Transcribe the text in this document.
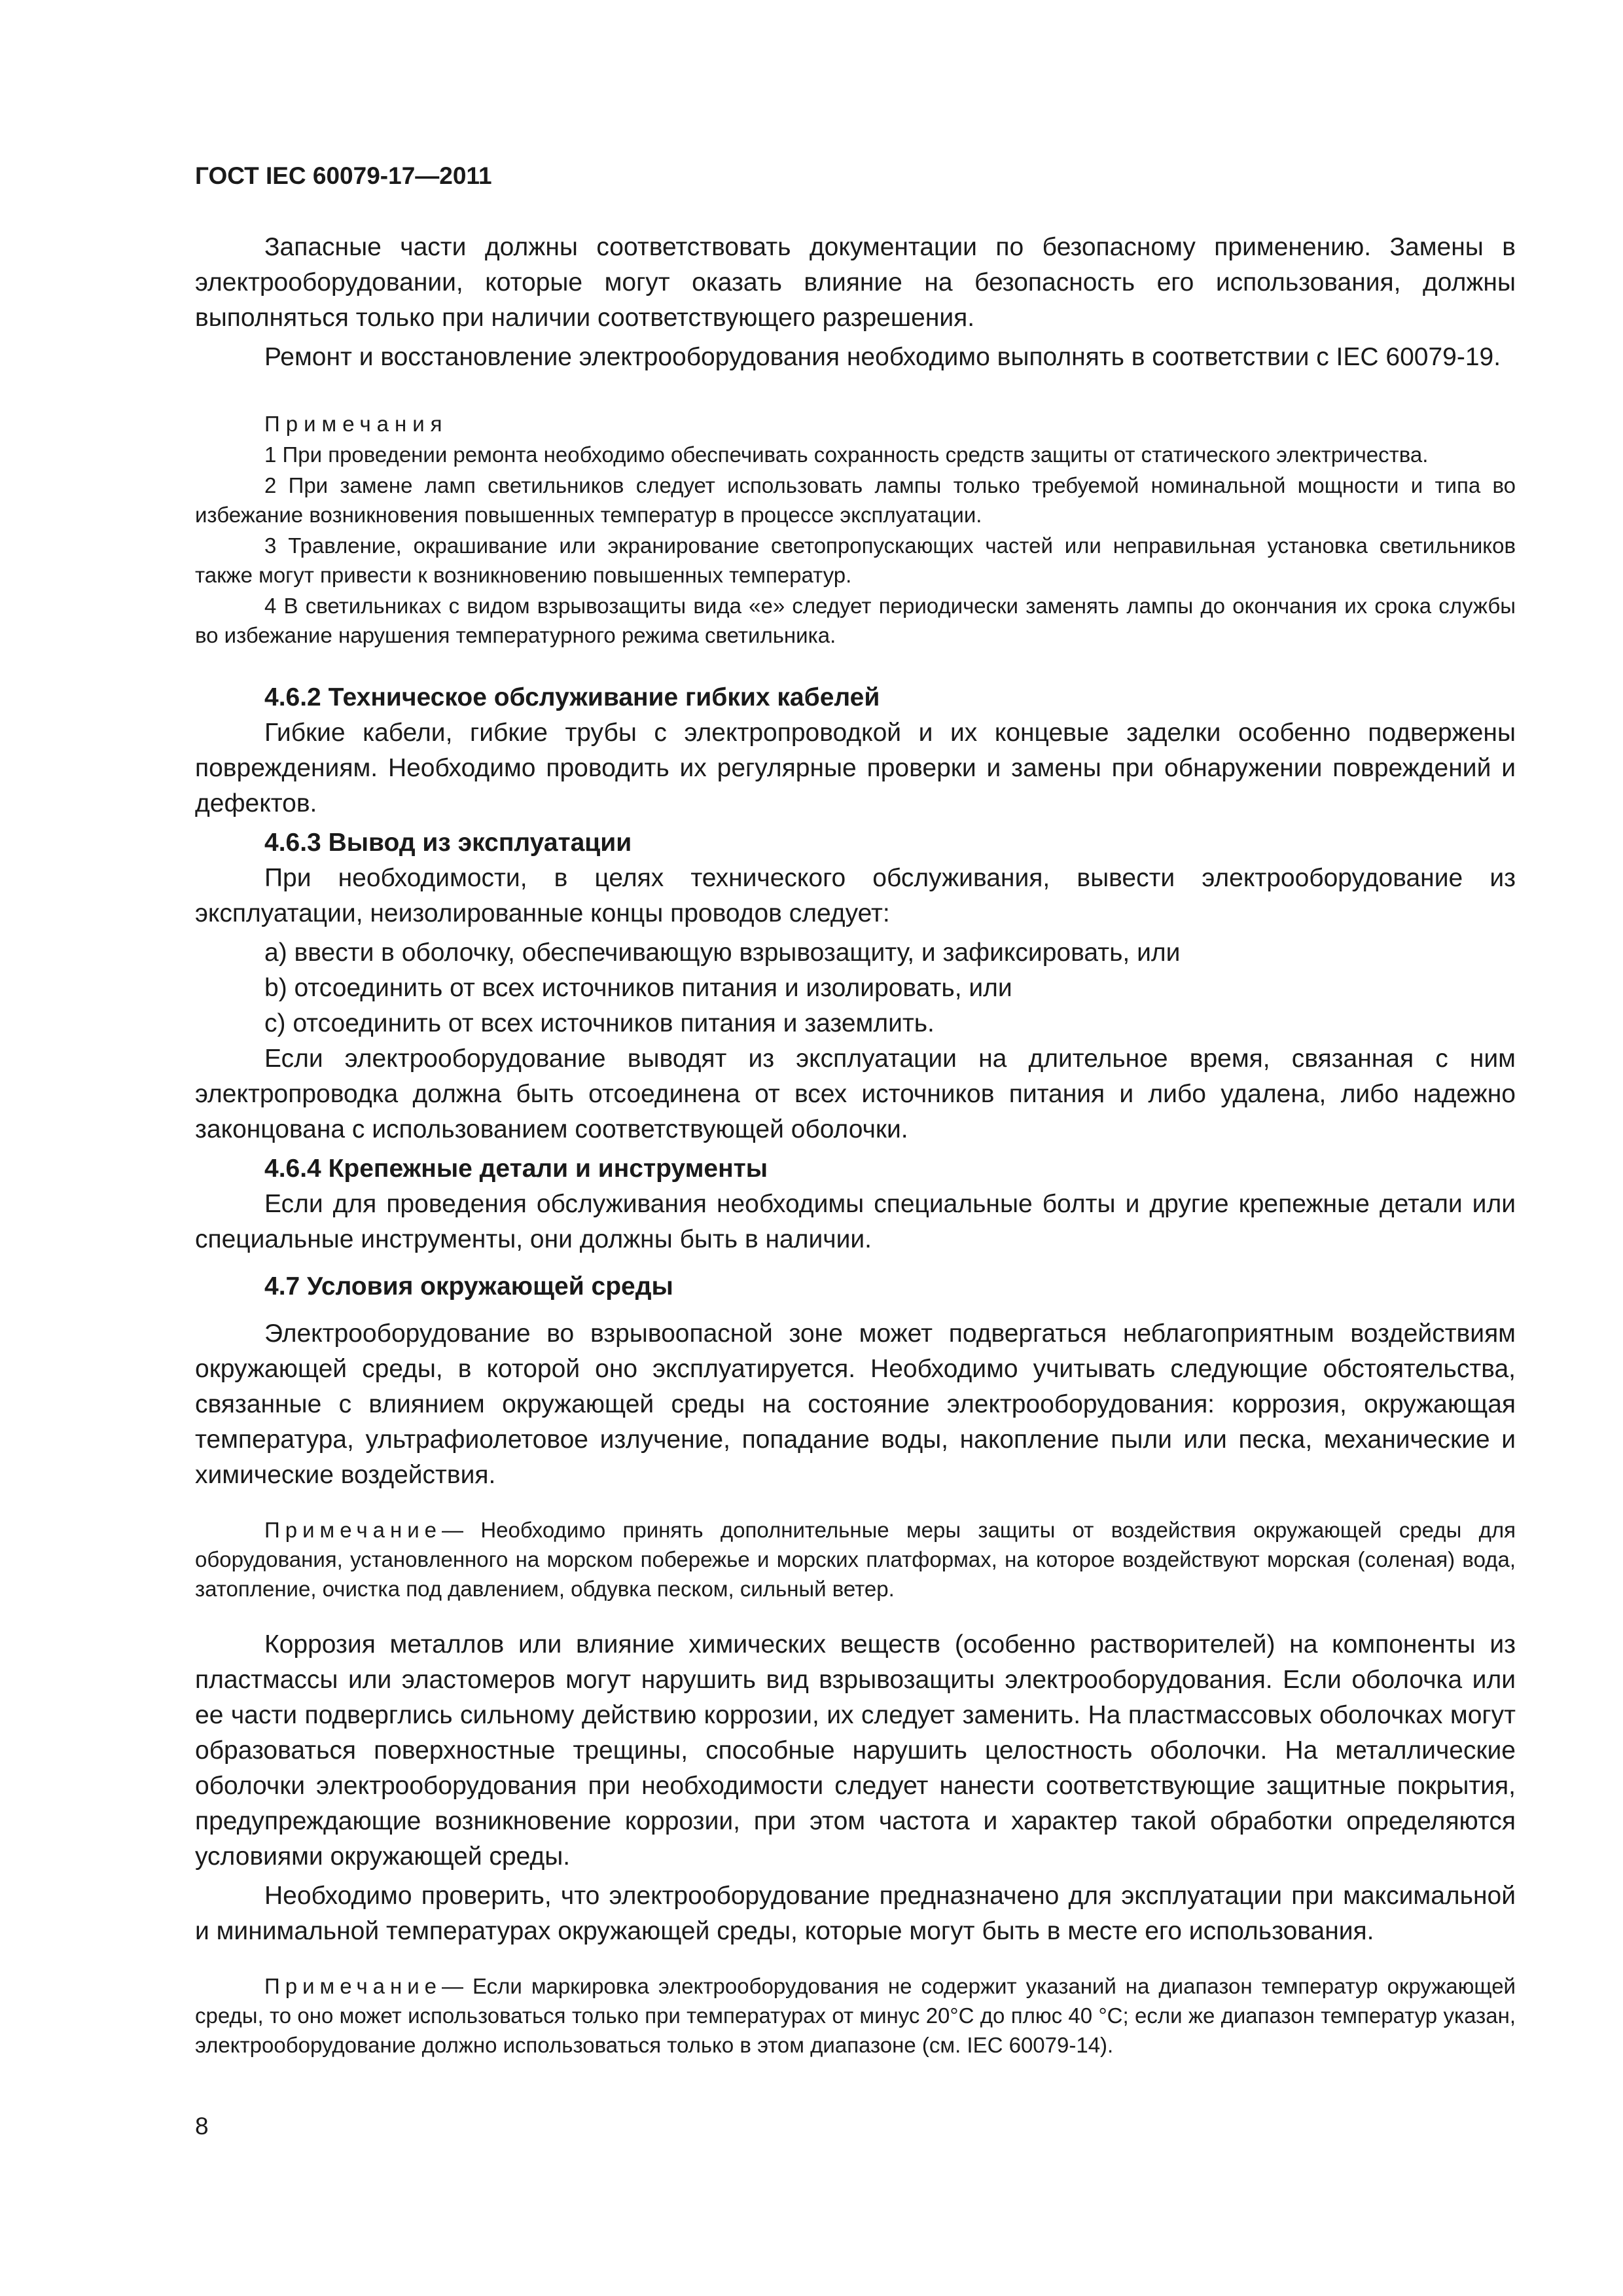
ГОСТ IEC 60079-17—2011

Запасные части должны соответствовать документации по безопасному применению. Замены в электрооборудовании, которые могут оказать влияние на безопасность его использования, должны выполняться только при наличии соответствующего разрешения.

Ремонт и восстановление электрооборудования необходимо выполнять в соответствии с IEC 60079-19.

Примечания

1 При проведении ремонта необходимо обеспечивать сохранность средств защиты от статического электричества.

2 При замене ламп светильников следует использовать лампы только требуемой номинальной мощности и типа во избежание возникновения повышенных температур в процессе эксплуатации.

3 Травление, окрашивание или экранирование светопропускающих частей или неправильная установка светильников также могут привести к возникновению повышенных температур.

4 В светильниках с видом взрывозащиты вида «е» следует периодически заменять лампы до окончания их срока службы во избежание нарушения температурного режима светильника.

4.6.2 Техническое обслуживание гибких кабелей

Гибкие кабели, гибкие трубы с электропроводкой и их концевые заделки особенно подвержены повреждениям. Необходимо проводить их регулярные проверки и замены при обнаружении повреждений и дефектов.

4.6.3 Вывод из эксплуатации

При необходимости, в целях технического обслуживания, вывести электрооборудование из эксплуатации, неизолированные концы проводов следует:

a) ввести в оболочку, обеспечивающую взрывозащиту, и зафиксировать, или

b) отсоединить от всех источников питания и изолировать, или

c) отсоединить от всех источников питания и заземлить.

Если электрооборудование выводят из эксплуатации на длительное время, связанная с ним электропроводка должна быть отсоединена от всех источников питания и либо удалена, либо надежно законцована с использованием соответствующей оболочки.

4.6.4 Крепежные детали и инструменты

Если для проведения обслуживания необходимы специальные болты и другие крепежные детали или специальные инструменты, они должны быть в наличии.

4.7 Условия окружающей среды

Электрооборудование во взрывоопасной зоне может подвергаться неблагоприятным воздействиям окружающей среды, в которой оно эксплуатируется. Необходимо учитывать следующие обстоятельства, связанные с влиянием окружающей среды на состояние электрооборудования: коррозия, окружающая температура, ультрафиолетовое излучение, попадание воды, накопление пыли или песка, механические и химические воздействия.

Примечание— Необходимо принять дополнительные меры защиты от воздействия окружающей среды для оборудования, установленного на морском побережье и морских платформах, на которое воздействуют морская (соленая) вода, затопление, очистка под давлением, обдувка песком, сильный ветер.

Коррозия металлов или влияние химических веществ (особенно растворителей) на компоненты из пластмассы или эластомеров могут нарушить вид взрывозащиты электрооборудования. Если оболочка или ее части подверглись сильному действию коррозии, их следует заменить. На пластмассовых оболочках могут образоваться поверхностные трещины, способные нарушить целостность оболочки. На металлические оболочки электрооборудования при необходимости следует нанести соответствующие защитные покрытия, предупреждающие возникновение коррозии, при этом частота и характер такой обработки определяются условиями окружающей среды.

Необходимо проверить, что электрооборудование предназначено для эксплуатации при максимальной и минимальной температурах окружающей среды, которые могут быть в месте его использования.

Примечание— Если маркировка электрооборудования не содержит указаний на диапазон температур окружающей среды, то оно может использоваться только при температурах от минус 20°С до плюс 40 °С; если же диапазон температур указан, электрооборудование должно использоваться только в этом диапазоне (см. IEC 60079-14).

8
